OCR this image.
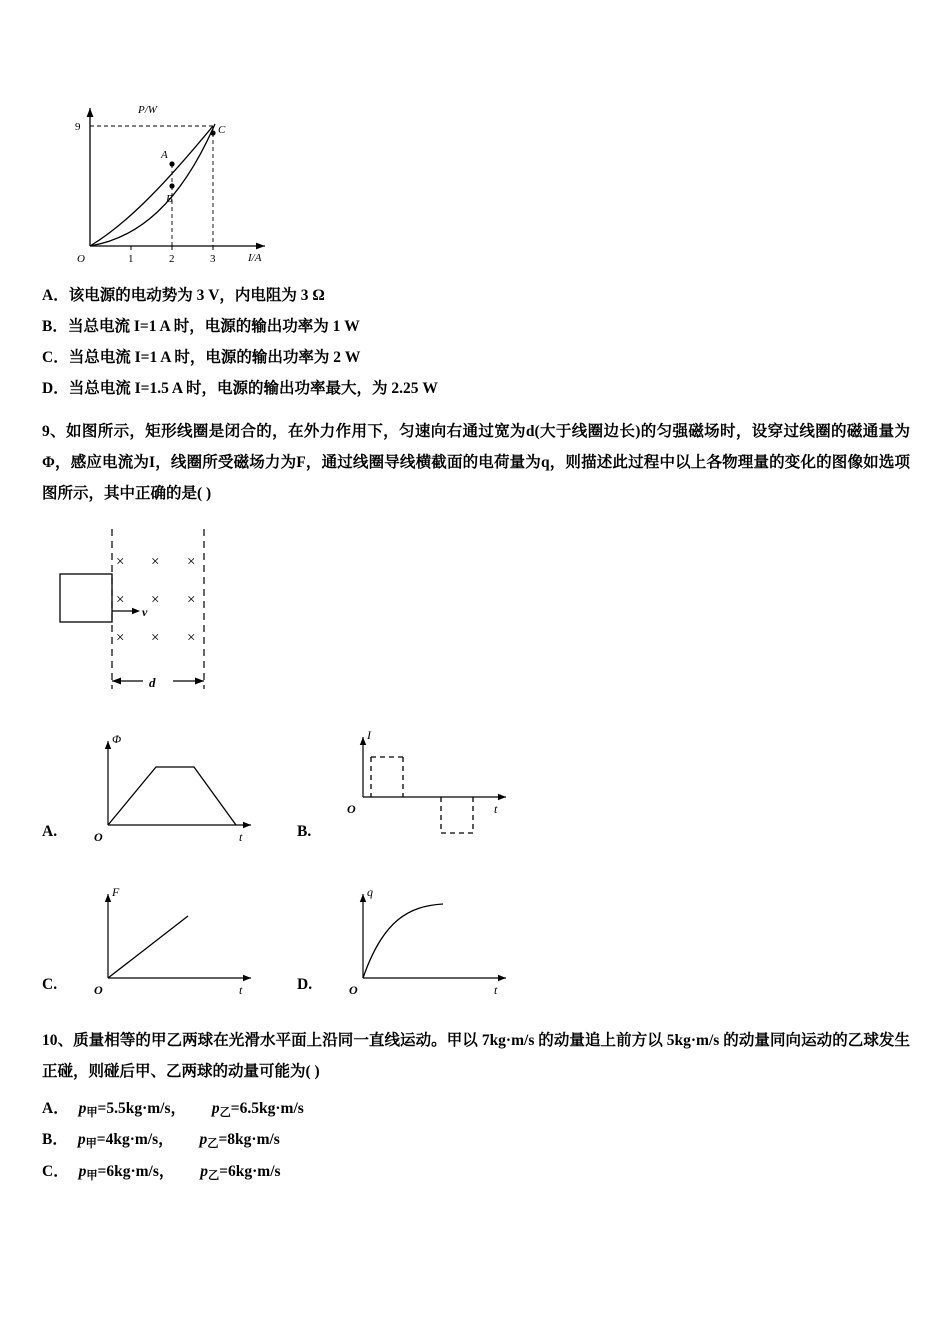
P/W
I/A
9
O	1	2	3
A
B
C

A．该电源的电动势为 3 V，内电阻为 3 Ω

B．当总电流 I=1 A 时，电源的输出功率为 1 W

C．当总电流 I=1 A 时，电源的输出功率为 2 W

D．当总电流 I=1.5 A 时，电源的输出功率最大，为 2.25 W

9、如图所示，矩形线圈是闭合的，在外力作用下，匀速向右通过宽为d(大于线圈边长)的匀强磁场时，设穿过线圈的磁通量为Φ，感应电流为I，线圈所受磁场力为F，通过线圈导线横截面的电荷量为q，则描述此过程中以上各物理量的变化的图像如选项图所示，其中正确的是( )

× × ×
× × ×
× × ×
v
d
A.
Φ
O	t	B.
I
O	t
C.
F
O	t	D.
q
O	t

10、质量相等的甲乙两球在光滑水平面上沿同一直线运动。甲以 7kg·m/s 的动量追上前方以 5kg·m/s 的动量同向运动的乙球发生正碰，则碰后甲、乙两球的动量可能为( )

A． $p_甲=5.5kg\cdot m/s$， $p_乙=6.5kg\cdot m/s$

B． $p_甲=4kg\cdot m/s$， $p_乙=8kg\cdot m/s$

C． $p_甲=6kg\cdot m/s$， $p_乙=6kg\cdot m/s$
